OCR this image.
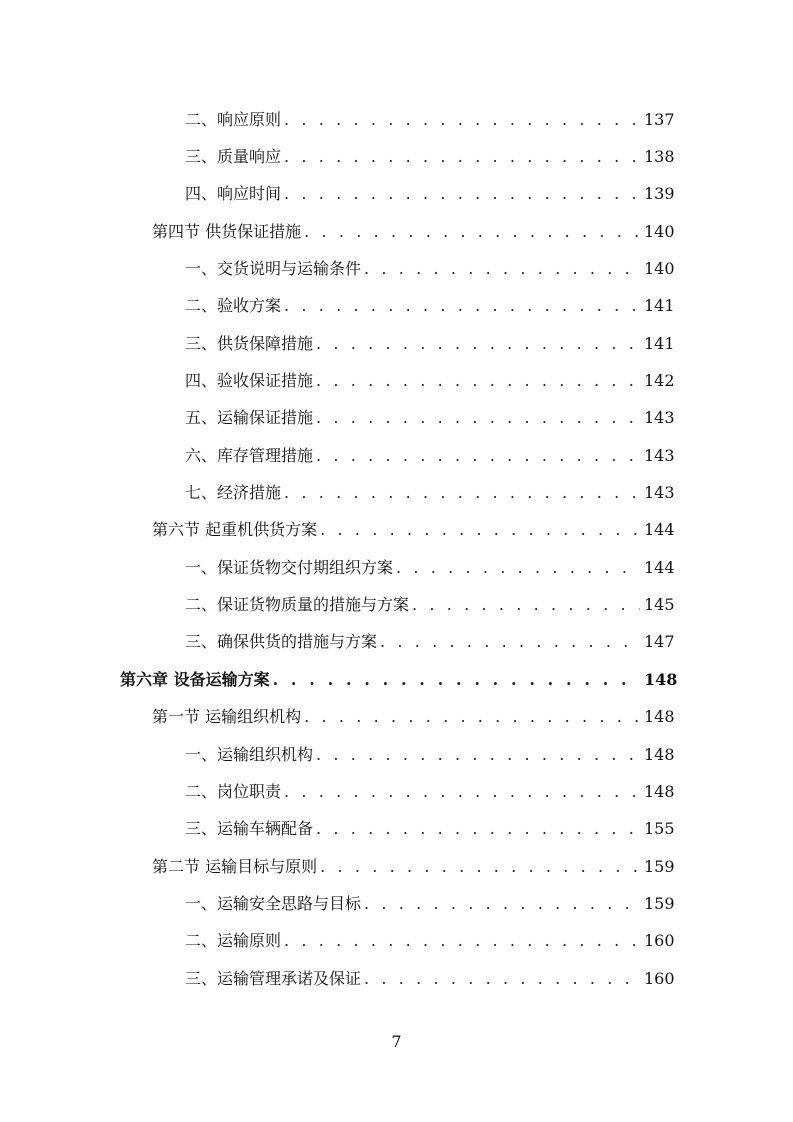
二、响应原则 . . .	137
三、质量响应 . . .	138
四、响应时间 . . .	139
第四节 供货保证措施 . . .	140
一、交货说明与运输条件 . . .	140
二、验收方案 . . .	141
三、供货保障措施 . . .	141
四、验收保证措施 . . .	142
五、运输保证措施 . . .	143
六、库存管理措施 . . .	143
七、经济措施 . . .	143
第六节 起重机供货方案 . . .	144
一、保证货物交付期组织方案 . . .	144
二、保证货物质量的措施与方案 . . .	145
三、确保供货的措施与方案 . . .	147
第六章 设备运输方案 . . .	148
第一节 运输组织机构 . . .	148
一、运输组织机构 . . .	148
二、岗位职责 . . .	148
三、运输车辆配备 . . .	155
第二节 运输目标与原则 . . .	159
一、运输安全思路与目标 . . .	159
二、运输原则 . . .	160
三、运输管理承诺及保证 . . .	160
7
